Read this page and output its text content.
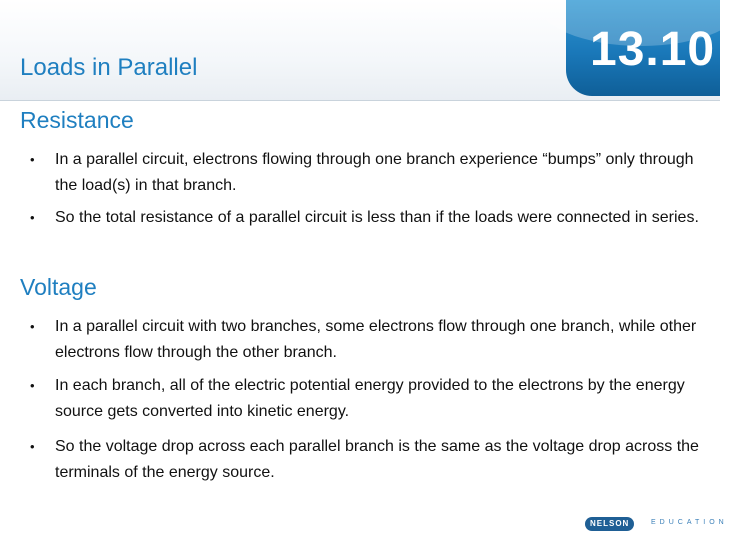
Loads in Parallel	13.10
Resistance
• In a parallel circuit, electrons flowing through one branch experience “bumps” only through the load(s) in that branch.
• So the total resistance of a parallel circuit is less than if the loads were connected in series.
Voltage
• In a parallel circuit with two branches, some electrons flow through one branch, while other electrons flow through the other branch.
• In each branch, all of the electric potential energy provided to the electrons by the energy source gets converted into kinetic energy.
• So the voltage drop across each parallel branch is the same as the voltage drop across the terminals of the energy source.
NELSON	EDUCATION
